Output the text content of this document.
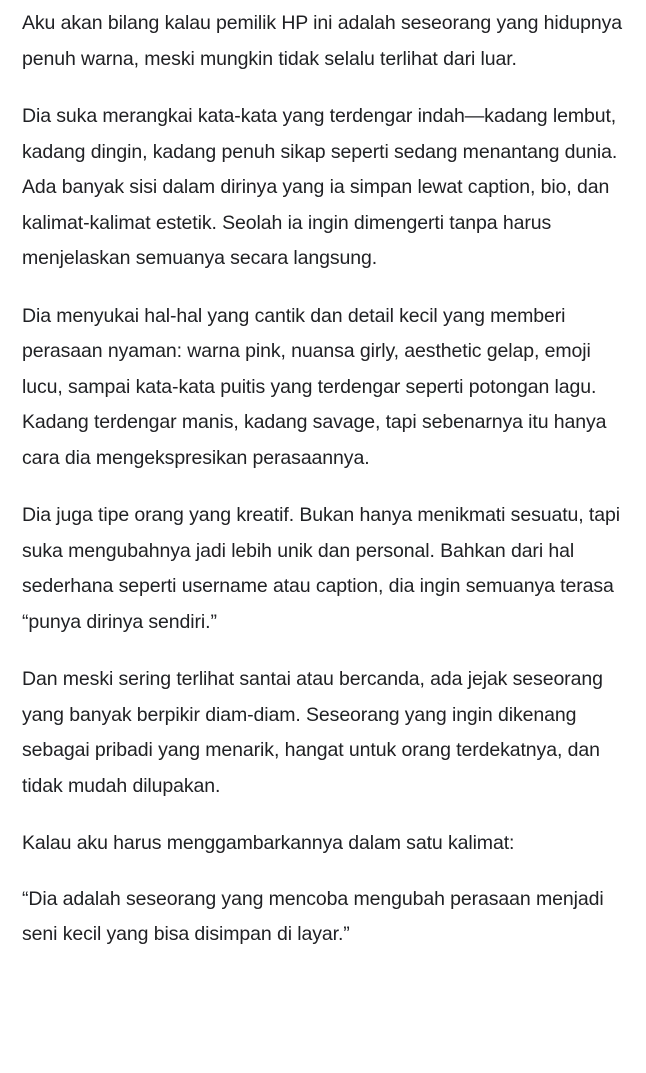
Aku akan bilang kalau pemilik HP ini adalah seseorang yang hidupnya penuh warna, meski mungkin tidak selalu terlihat dari luar.

Dia suka merangkai kata-kata yang terdengar indah—kadang lembut, kadang dingin, kadang penuh sikap seperti sedang menantang dunia. Ada banyak sisi dalam dirinya yang ia simpan lewat caption, bio, dan kalimat-kalimat estetik. Seolah ia ingin dimengerti tanpa harus menjelaskan semuanya secara langsung.

Dia menyukai hal-hal yang cantik dan detail kecil yang memberi perasaan nyaman: warna pink, nuansa girly, aesthetic gelap, emoji lucu, sampai kata-kata puitis yang terdengar seperti potongan lagu. Kadang terdengar manis, kadang savage, tapi sebenarnya itu hanya cara dia mengekspresikan perasaannya.

Dia juga tipe orang yang kreatif. Bukan hanya menikmati sesuatu, tapi suka mengubahnya jadi lebih unik dan personal. Bahkan dari hal sederhana seperti username atau caption, dia ingin semuanya terasa “punya dirinya sendiri.”

Dan meski sering terlihat santai atau bercanda, ada jejak seseorang yang banyak berpikir diam-diam. Seseorang yang ingin dikenang sebagai pribadi yang menarik, hangat untuk orang terdekatnya, dan tidak mudah dilupakan.

Kalau aku harus menggambarkannya dalam satu kalimat:

“Dia adalah seseorang yang mencoba mengubah perasaan menjadi seni kecil yang bisa disimpan di layar.”
